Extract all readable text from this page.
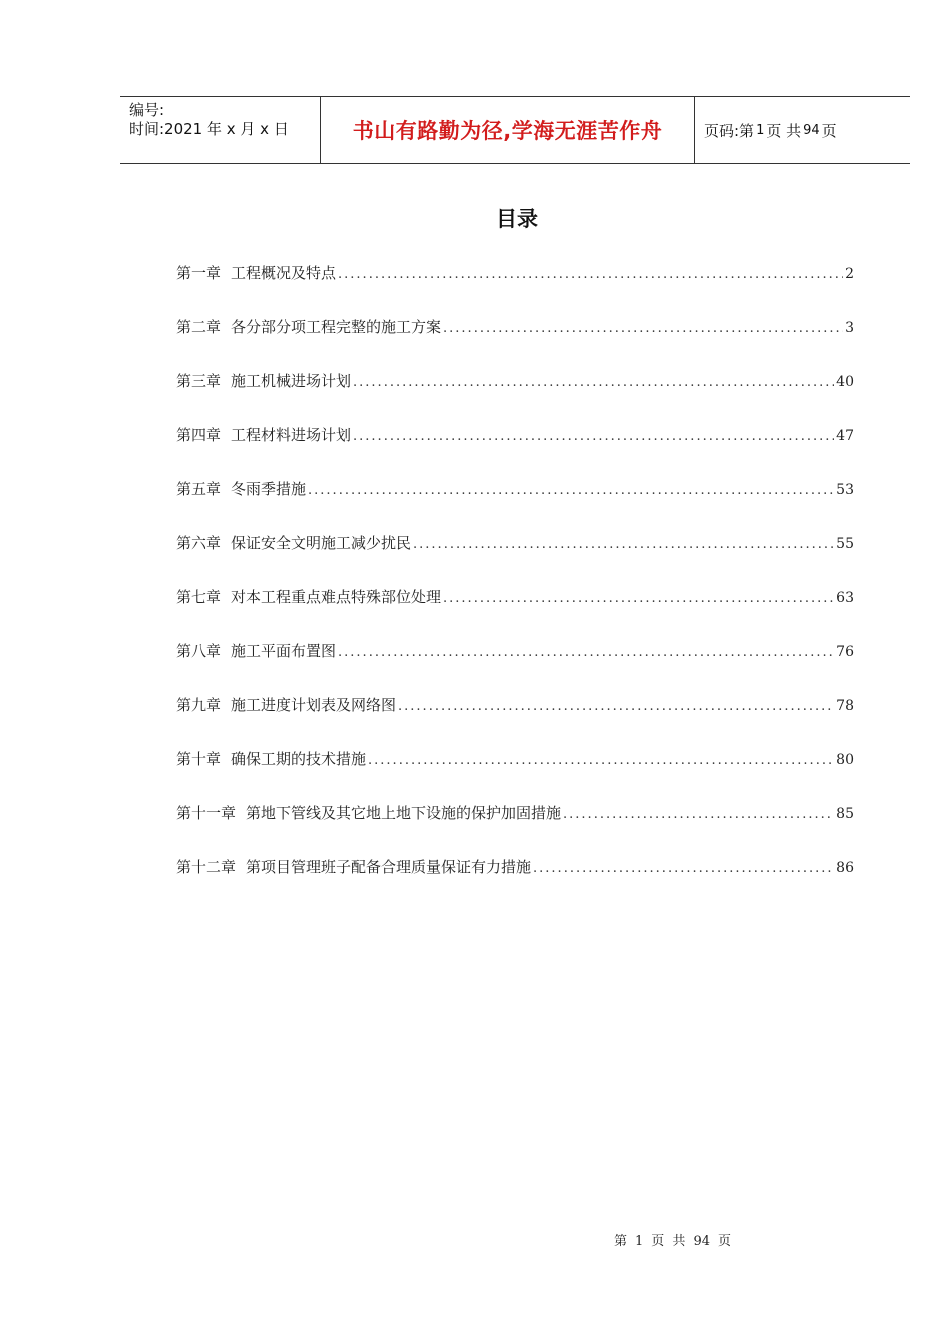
编号:
时间:2021 年 x 月 x 日	书山有路勤为径,学海无涯苦作舟	页码:第 1 页 共 94 页
目录
第一章 工程概况及特点 .....	2
第二章 各分部分项工程完整的施工方案 .....	3
第三章 施工机械进场计划 .....	40
第四章 工程材料进场计划 .....	47
第五章 冬雨季措施 .....	53
第六章 保证安全文明施工减少扰民 .....	55
第七章 对本工程重点难点特殊部位处理 .....	63
第八章 施工平面布置图 .....	76
第九章 施工进度计划表及网络图 .....	78
第十章 确保工期的技术措施 .....	80
第十一章 第地下管线及其它地上地下设施的保护加固措施 .....	85
第十二章 第项目管理班子配备合理质量保证有力措施 .....	86
第 1 页 共 94 页
